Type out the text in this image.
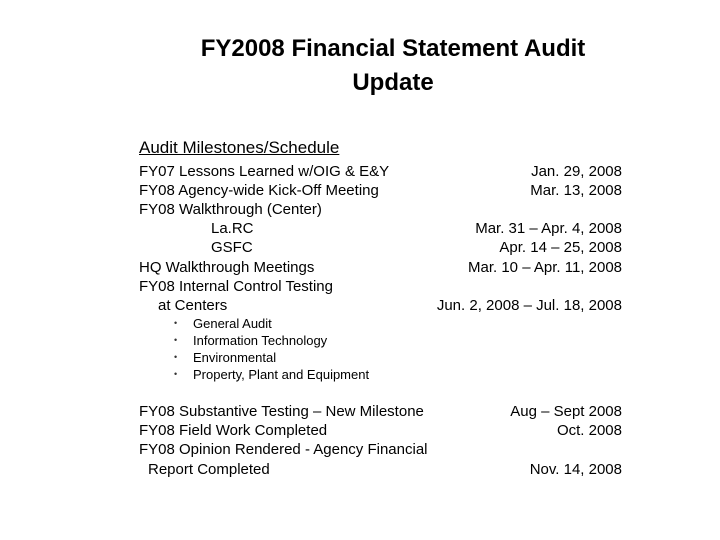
FY2008 Financial Statement Audit
Update
Audit Milestones/Schedule
FY07 Lessons Learned w/OIG & E&Y	Jan. 29, 2008
FY08 Agency-wide Kick-Off Meeting	Mar. 13, 2008
FY08 Walkthrough (Center)
La.RC	Mar. 31 – Apr. 4, 2008
GSFC	Apr. 14 – 25, 2008
HQ Walkthrough Meetings	Mar. 10 – Apr. 11, 2008
FY08 Internal Control Testing
at Centers	Jun. 2, 2008 – Jul. 18, 2008
• General Audit
• Information Technology
• Environmental
• Property, Plant and Equipment
FY08 Substantive Testing – New Milestone	Aug – Sept 2008
FY08 Field Work Completed	Oct. 2008
FY08 Opinion Rendered - Agency Financial
Report Completed	Nov. 14, 2008
